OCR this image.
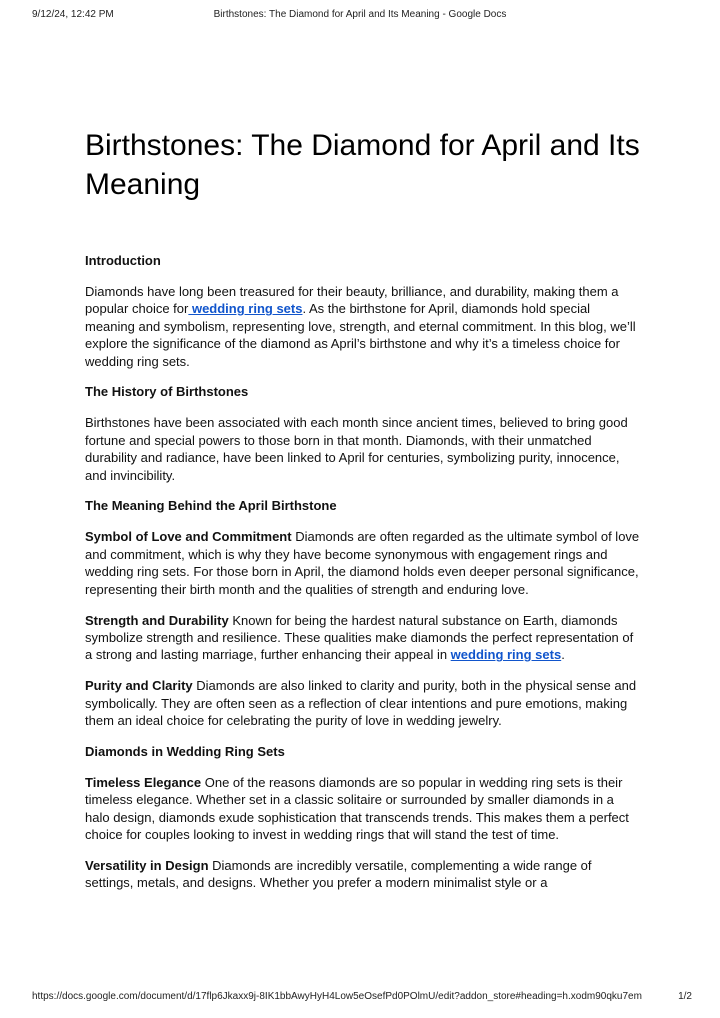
9/12/24, 12:42 PM	Birthstones: The Diamond for April and Its Meaning - Google Docs
Birthstones: The Diamond for April and Its Meaning

Introduction

Diamonds have long been treasured for their beauty, brilliance, and durability, making them a popular choice for wedding ring sets. As the birthstone for April, diamonds hold special meaning and symbolism, representing love, strength, and eternal commitment. In this blog, we’ll explore the significance of the diamond as April’s birthstone and why it’s a timeless choice for wedding ring sets.

The History of Birthstones

Birthstones have been associated with each month since ancient times, believed to bring good fortune and special powers to those born in that month. Diamonds, with their unmatched durability and radiance, have been linked to April for centuries, symbolizing purity, innocence, and invincibility.

The Meaning Behind the April Birthstone

Symbol of Love and Commitment Diamonds are often regarded as the ultimate symbol of love and commitment, which is why they have become synonymous with engagement rings and wedding ring sets. For those born in April, the diamond holds even deeper personal significance, representing their birth month and the qualities of strength and enduring love.

Strength and Durability Known for being the hardest natural substance on Earth, diamonds symbolize strength and resilience. These qualities make diamonds the perfect representation of a strong and lasting marriage, further enhancing their appeal in wedding ring sets.

Purity and Clarity Diamonds are also linked to clarity and purity, both in the physical sense and symbolically. They are often seen as a reflection of clear intentions and pure emotions, making them an ideal choice for celebrating the purity of love in wedding jewelry.

Diamonds in Wedding Ring Sets

Timeless Elegance One of the reasons diamonds are so popular in wedding ring sets is their timeless elegance. Whether set in a classic solitaire or surrounded by smaller diamonds in a halo design, diamonds exude sophistication that transcends trends. This makes them a perfect choice for couples looking to invest in wedding rings that will stand the test of time.

Versatility in Design Diamonds are incredibly versatile, complementing a wide range of settings, metals, and designs. Whether you prefer a modern minimalist style or a

https://docs.google.com/document/d/17flp6Jkaxx9j-8IK1bbAwyHyH4Low5eOsefPd0POlmU/edit?addon_store#heading=h.xodm90qku7em	1/2
